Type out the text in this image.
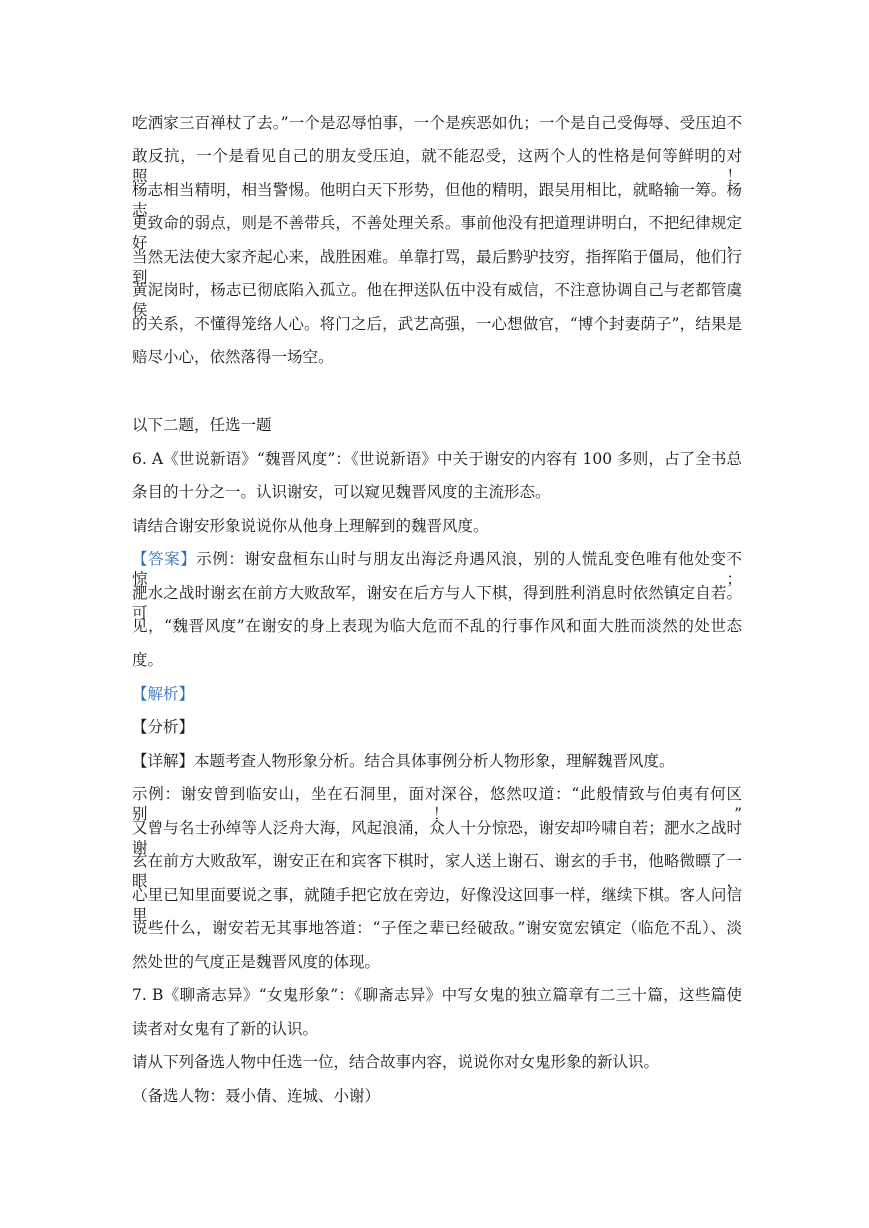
吃洒家三百禅杖了去。”一个是忍辱怕事，一个是疾恶如仇；一个是自己受侮辱、受压迫不
敢反抗，一个是看见自己的朋友受压迫，就不能忍受，这两个人的性格是何等鲜明的对照！
杨志相当精明，相当警惕。他明白天下形势，但他的精明，跟吴用相比，就略输一筹。杨志
更致命的弱点，则是不善带兵，不善处理关系。事前他没有把道理讲明白，不把纪律规定好，
当然无法使大家齐起心来，战胜困难。单靠打骂，最后黔驴技穷，指挥陷于僵局，他们行到
黄泥岗时，杨志已彻底陷入孤立。他在押送队伍中没有威信，不注意协调自己与老都管虞侯
的关系，不懂得笼络人心。将门之后，武艺高强，一心想做官，“博个封妻荫子”，结果是
赔尽小心，依然落得一场空。
以下二题，任选一题
6. A《世说新语》“魏晋风度”：《世说新语》中关于谢安的内容有 100 多则，占了全书总
条目的十分之一。认识谢安，可以窥见魏晋风度的主流形态。
请结合谢安形象说说你从他身上理解到的魏晋风度。
【答案】示例：谢安盘桓东山时与朋友出海泛舟遇风浪，别的人慌乱变色唯有他处变不惊；
淝水之战时谢玄在前方大败敌军，谢安在后方与人下棋，得到胜利消息时依然镇定自若。可
见，“魏晋风度”在谢安的身上表现为临大危而不乱的行事作风和面大胜而淡然的处世态
度。
【解析】
【分析】
【详解】本题考查人物形象分析。结合具体事例分析人物形象，理解魏晋风度。
示例：谢安曾到临安山，坐在石洞里，面对深谷，悠然叹道：“此般情致与伯夷有何区别！”
又曾与名士孙绰等人泛舟大海，风起浪涌，众人十分惊恐，谢安却吟啸自若；淝水之战时谢
玄在前方大败敌军，谢安正在和宾客下棋时，家人送上谢石、谢玄的手书，他略微瞟了一眼，
心里已知里面要说之事，就随手把它放在旁边，好像没这回事一样，继续下棋。客人问信里
说些什么，谢安若无其事地答道：“子侄之辈已经破敌。”谢安宽宏镇定（临危不乱）、淡
然处世的气度正是魏晋风度的体现。
7. B《聊斋志异》“女鬼形象”：《聊斋志异》中写女鬼的独立篇章有二三十篇，这些篇使
读者对女鬼有了新的认识。
请从下列备选人物中任选一位，结合故事内容，说说你对女鬼形象的新认识。
（备选人物：聂小倩、连城、小谢）
